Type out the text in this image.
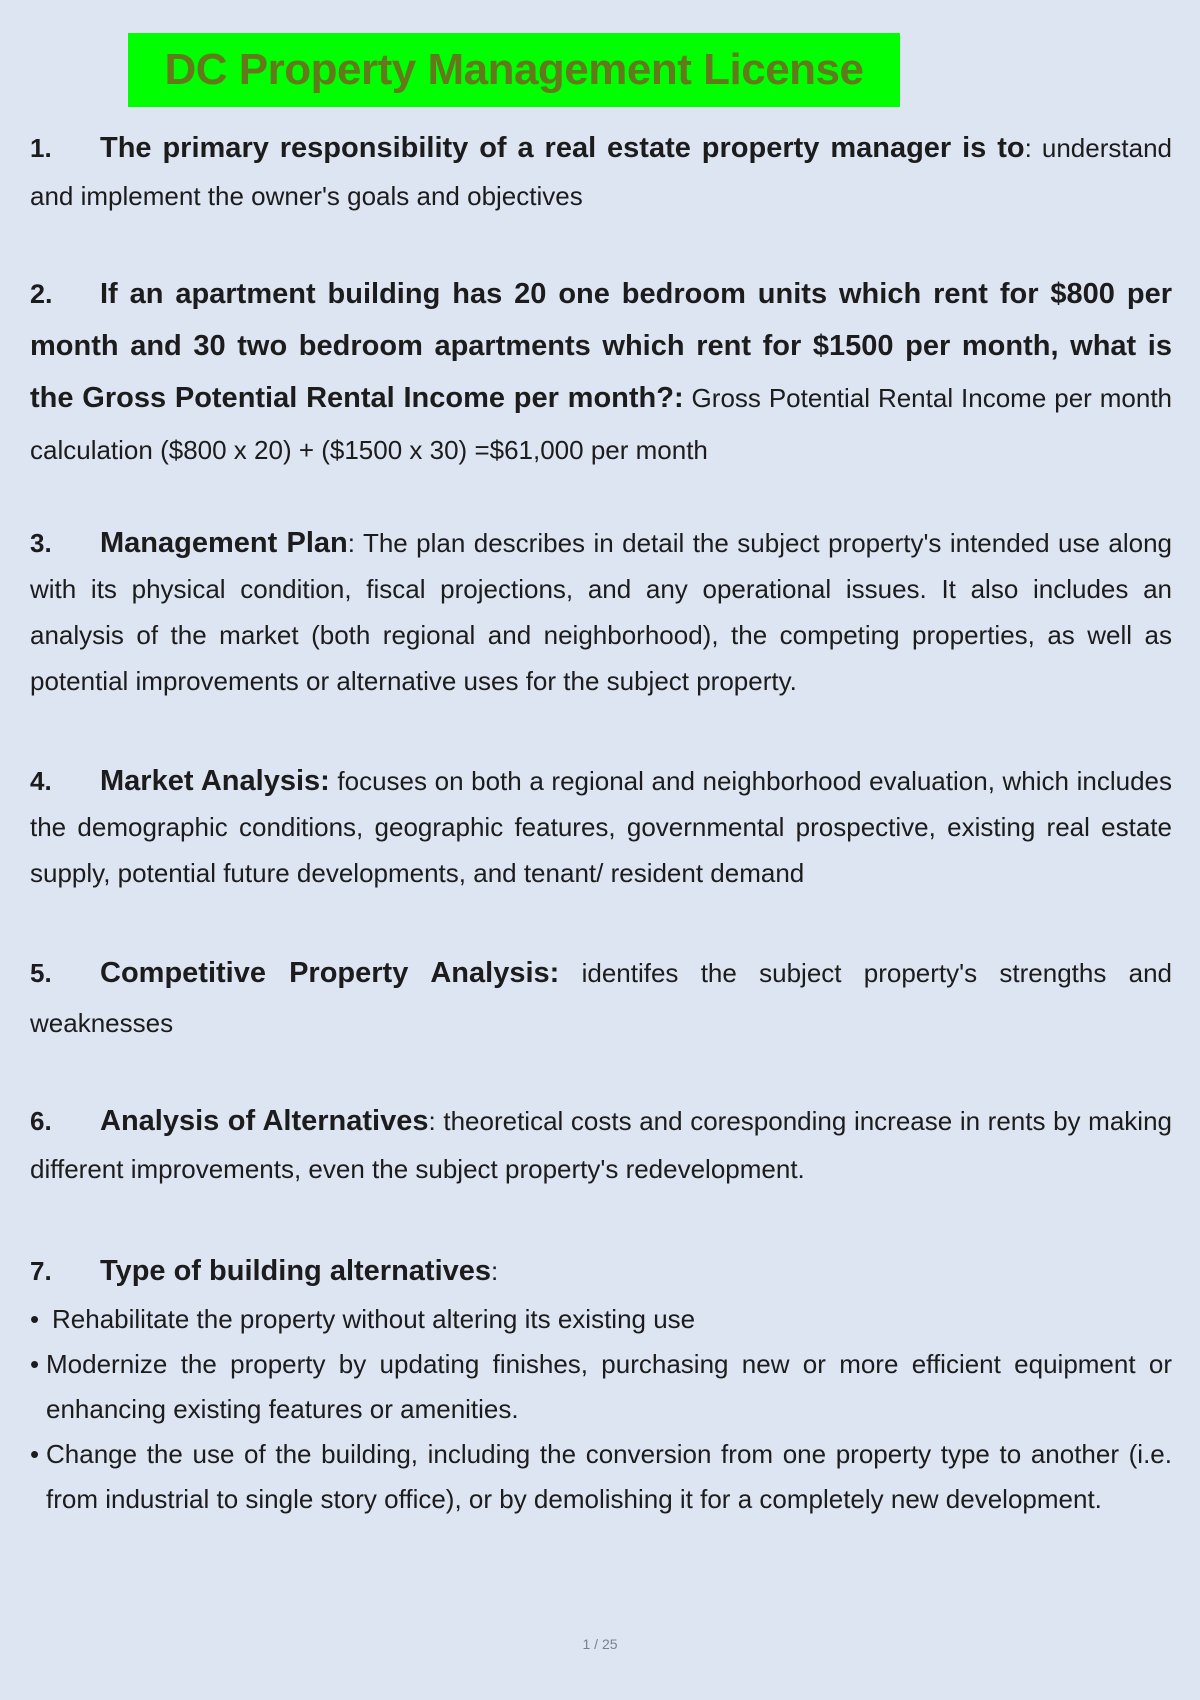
DC Property Management License
1. The primary responsibility of a real estate property manager is to: understand and implement the owner's goals and objectives
2. If an apartment building has 20 one bedroom units which rent for $800 per month and 30 two bedroom apartments which rent for $1500 per month, what is the Gross Potential Rental Income per month?: Gross Potential Rental Income per month calculation ($800 x 20) + ($1500 x 30) =$61,000 per month
3. Management Plan: The plan describes in detail the subject property's intended use along with its physical condition, fiscal projections, and any operational issues. It also includes an analysis of the market (both regional and neighborhood), the competing properties, as well as potential improvements or alternative uses for the subject property.
4. Market Analysis: focuses on both a regional and neighborhood evaluation, which includes the demographic conditions, geographic features, governmental prospective, existing real estate supply, potential future developments, and tenant/ resident demand
5. Competitive Property Analysis: identifes the subject property's strengths and weaknesses
6. Analysis of Alternatives: theoretical costs and coresponding increase in rents by making different improvements, even the subject property's redevelopment.
7. Type of building alternatives:
• Rehabilitate the property without altering its existing use
• Modernize the property by updating finishes, purchasing new or more efficient equipment or enhancing existing features or amenities.
• Change the use of the building, including the conversion from one property type to another (i.e. from industrial to single story office), or by demolishing it for a completely new development.
1 / 25
